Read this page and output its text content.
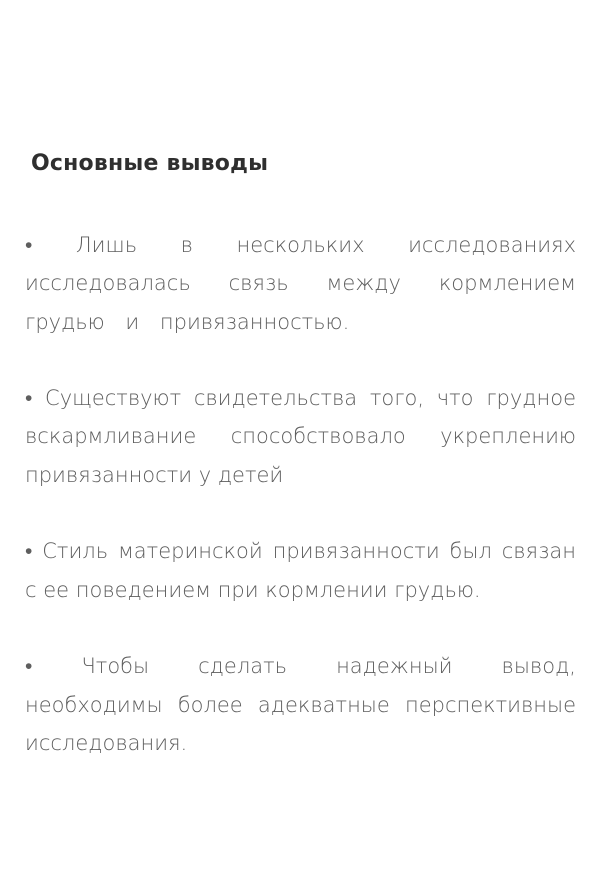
Основные выводы
• Лишь в нескольких исследованиях исследовалась связь между кормлением грудью и привязанностью.
• Существуют свидетельства того, что грудное вскармливание способствовало укреплению привязанности у детей
• Стиль материнской привязанности был связан с ее поведением при кормлении грудью.
• Чтобы сделать надежный вывод, необходимы более адекватные перспективные исследования.
